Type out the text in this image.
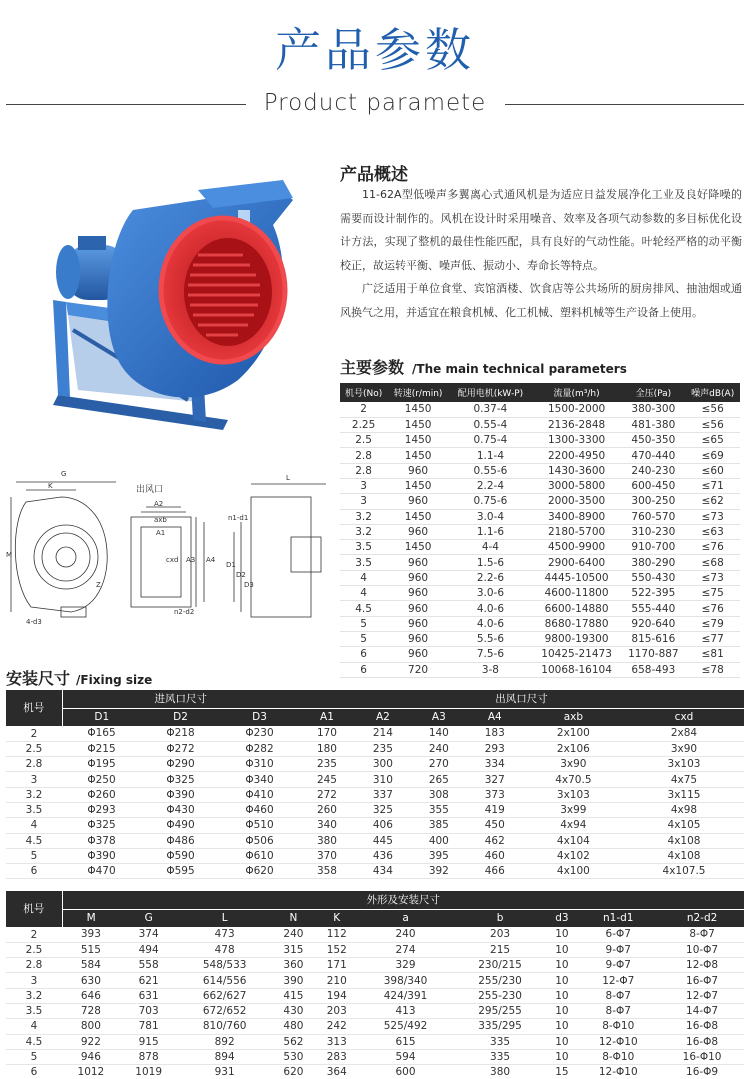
产品参数
Product paramete
G
K
M
4-d3
Z
出风口
A2
axb
A1
A3 A4
cxd
n2-d2
L
n1-d1
D1
D2
D3
产品概述

11-62A型低噪声多翼离心式通风机是为适应日益发展净化工业及良好降噪的需要而设计制作的。风机在设计时采用噪音、效率及各项气动参数的多目标优化设计方法，实现了整机的最佳性能匹配，具有良好的气动性能。叶轮经严格的动平衡校正，故运转平衡、噪声低、振动小、寿命长等特点。

广泛适用于单位食堂、宾馆酒楼、饮食店等公共场所的厨房排风、抽油烟或通风换气之用，并适宜在粮食机械、化工机械、塑料机械等生产设备上使用。

主要参数 /The main technical parameters
机号(No)	转速(r/min)	配用电机(kW-P)	流量(m³/h)	全压(Pa)	噪声dB(A)
2	1450	0.37-4	1500-2000	380-300	≤56
2.25	1450	0.55-4	2136-2848	481-380	≤56
2.5	1450	0.75-4	1300-3300	450-350	≤65
2.8	1450	1.1-4	2200-4950	470-440	≤69
2.8	960	0.55-6	1430-3600	240-230	≤60
3	1450	2.2-4	3000-5800	600-450	≤71
3	960	0.75-6	2000-3500	300-250	≤62
3.2	1450	3.0-4	3400-8900	760-570	≤73
3.2	960	1.1-6	2180-5700	310-230	≤63
3.5	1450	4-4	4500-9900	910-700	≤76
3.5	960	1.5-6	2900-6400	380-290	≤68
4	960	2.2-6	4445-10500	550-430	≤73
4	960	3.0-6	4600-11800	522-395	≤75
4.5	960	4.0-6	6600-14880	555-440	≤76
5	960	4.0-6	8680-17880	920-640	≤79
5	960	5.5-6	9800-19300	815-616	≤77
6	960	7.5-6	10425-21473	1170-887	≤81
6	720	3-8	10068-16104	658-493	≤78
安装尺寸 /Fixing size
机号	进风口尺寸			出风口尺寸					
	D1	D2	D3	A1	A2	A3	A4	axb	cxd
2	Φ165	Φ218	Φ230	170	214	140	183	2x100	2x84
2.5	Φ215	Φ272	Φ282	180	235	240	293	2x106	3x90
2.8	Φ195	Φ290	Φ310	235	300	270	334	3x90	3x103
3	Φ250	Φ325	Φ340	245	310	265	327	4x70.5	4x75
3.2	Φ260	Φ390	Φ410	272	337	308	373	3x103	3x115
3.5	Φ293	Φ430	Φ460	260	325	355	419	3x99	4x98
4	Φ325	Φ490	Φ510	340	406	385	450	4x94	4x105
4.5	Φ378	Φ486	Φ506	380	445	400	462	4x104	4x108
5	Φ390	Φ590	Φ610	370	436	395	460	4x102	4x108
6	Φ470	Φ595	Φ620	358	434	392	466	4x100	4x107.5
机号	外形及安装尺寸									
	M	G	L	N	K	a	b	d3	n1-d1	n2-d2
2	393	374	473	240	112	240	203	10	6-Φ7	8-Φ7
2.5	515	494	478	315	152	274	215	10	9-Φ7	10-Φ7
2.8	584	558	548/533	360	171	329	230/215	10	9-Φ7	12-Φ8
3	630	621	614/556	390	210	398/340	255/230	10	12-Φ7	16-Φ7
3.2	646	631	662/627	415	194	424/391	255-230	10	8-Φ7	12-Φ7
3.5	728	703	672/652	430	203	413	295/255	10	8-Φ7	14-Φ7
4	800	781	810/760	480	242	525/492	335/295	10	8-Φ10	16-Φ8
4.5	922	915	892	562	313	615	335	10	12-Φ10	16-Φ8
5	946	878	894	530	283	594	335	10	8-Φ10	16-Φ10
6	1012	1019	931	620	364	600	380	15	12-Φ10	16-Φ9
